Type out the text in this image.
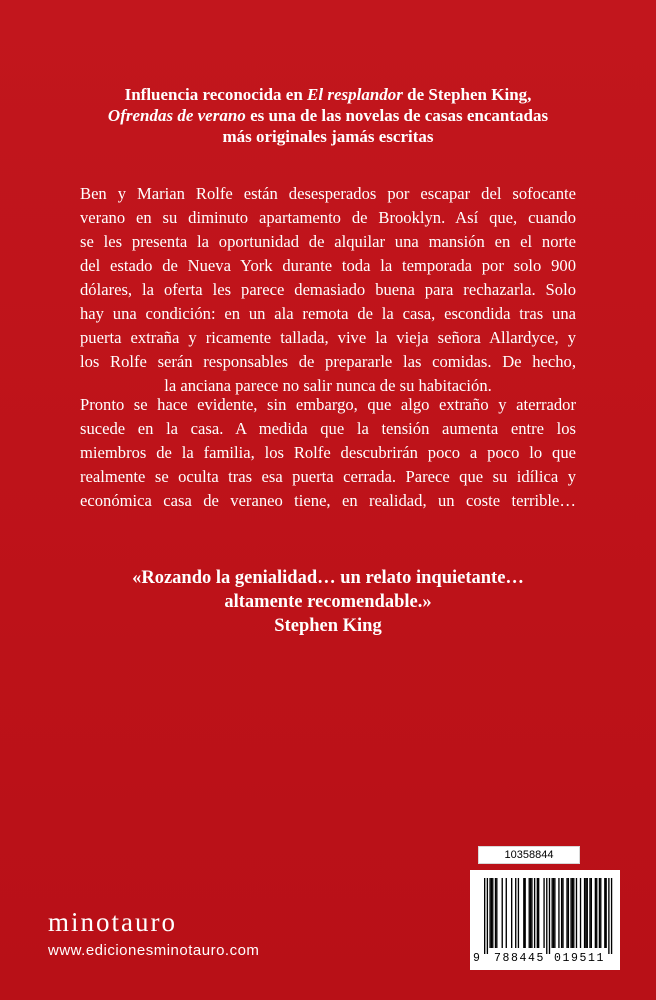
Influencia reconocida en El resplandor de Stephen King,
Ofrendas de verano es una de las novelas de casas encantadas
más originales jamás escritas
Ben y Marian Rolfe están desesperados por escapar del sofocante
verano en su diminuto apartamento de Brooklyn. Así que, cuando
se les presenta la oportunidad de alquilar una mansión en el norte
del estado de Nueva York durante toda la temporada por solo 900
dólares, la oferta les parece demasiado buena para rechazarla. Solo
hay una condición: en un ala remota de la casa, escondida tras una
puerta extraña y ricamente tallada, vive la vieja señora Allardyce, y
los Rolfe serán responsables de prepararle las comidas. De hecho,
la anciana parece no salir nunca de su habitación.
Pronto se hace evidente, sin embargo, que algo extraño y aterrador
sucede en la casa. A medida que la tensión aumenta entre los
miembros de la familia, los Rolfe descubrirán poco a poco lo que
realmente se oculta tras esa puerta cerrada. Parece que su idílica y
económica casa de veraneo tiene, en realidad, un coste terrible…
«Rozando la genialidad… un relato inquietante…
altamente recomendable.»
Stephen King
minotauro
www.edicionesminotauro.com
10358844
9 788445 019511
